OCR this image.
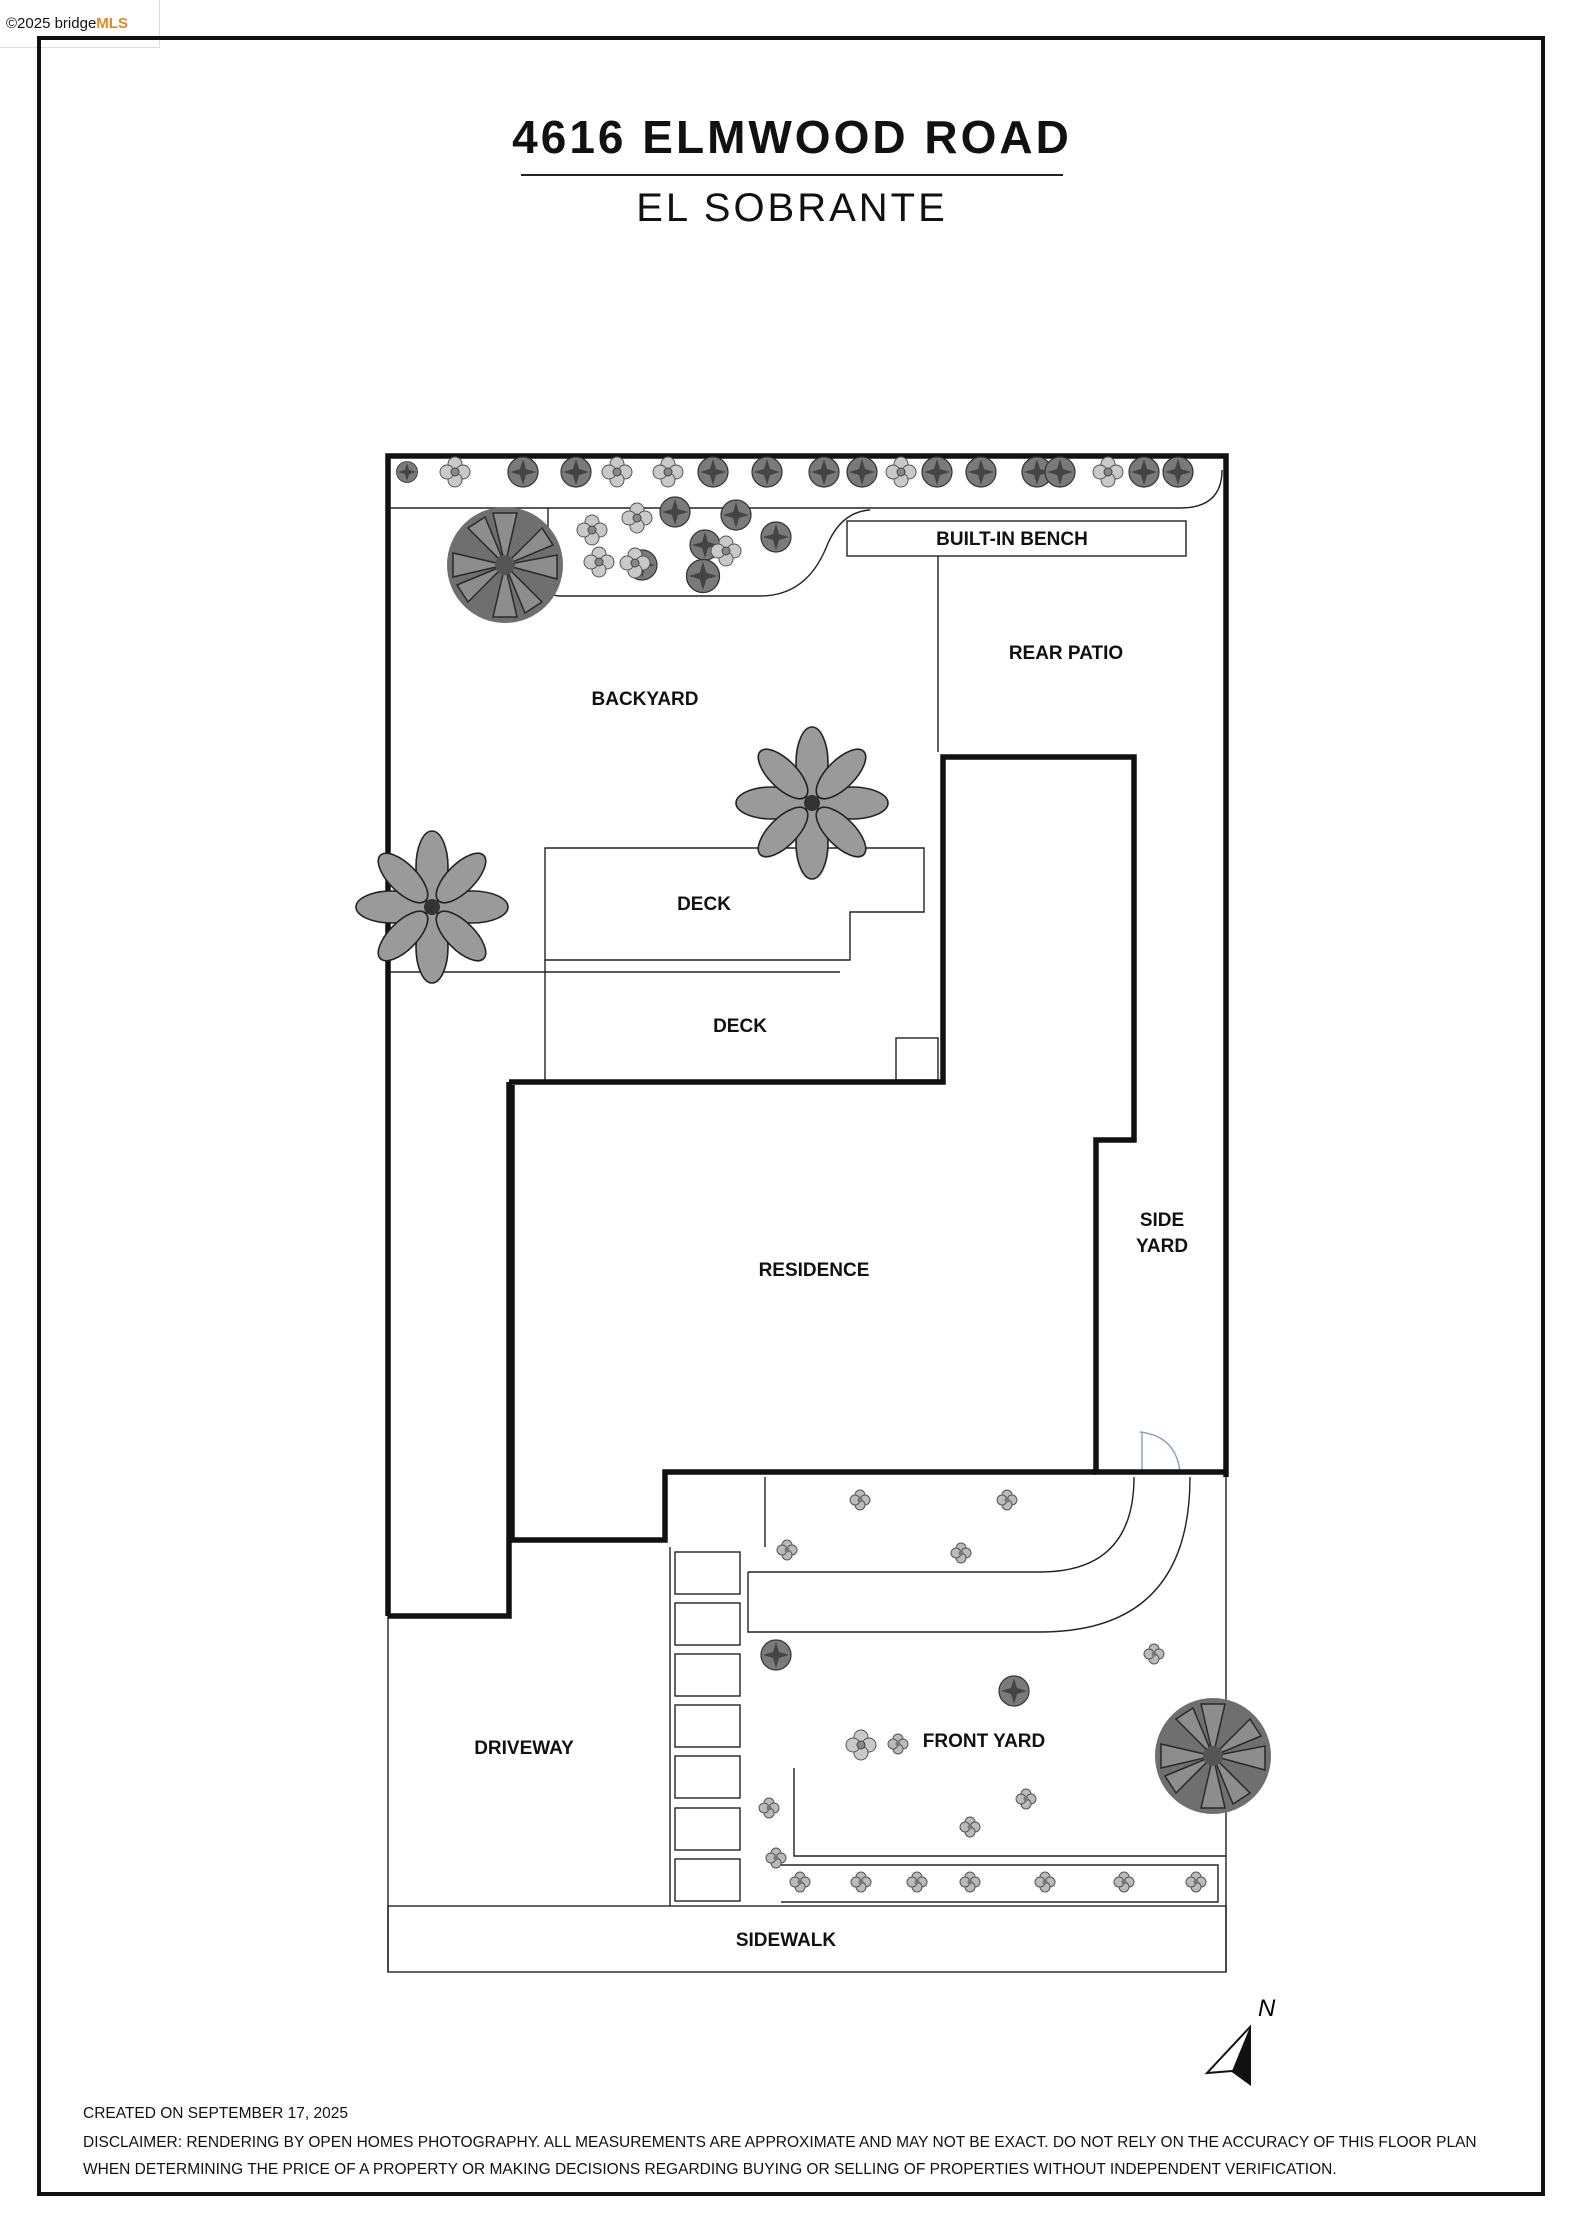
©2025 bridge MLS
4616 ELMWOOD ROAD
EL SOBRANTE
BUILT-IN BENCH
REAR PATIO
BACKYARD
DECK
DECK
SIDE
YARD
RESIDENCE
DRIVEWAY	FRONT YARD
SIDEWALK
N
CREATED ON SEPTEMBER 17, 2025
DISCLAIMER: RENDERING BY OPEN HOMES PHOTOGRAPHY. ALL MEASUREMENTS ARE APPROXIMATE AND MAY NOT BE EXACT. DO NOT RELY ON THE ACCURACY OF THIS FLOOR PLAN
WHEN DETERMINING THE PRICE OF A PROPERTY OR MAKING DECISIONS REGARDING BUYING OR SELLING OF PROPERTIES WITHOUT INDEPENDENT VERIFICATION.
